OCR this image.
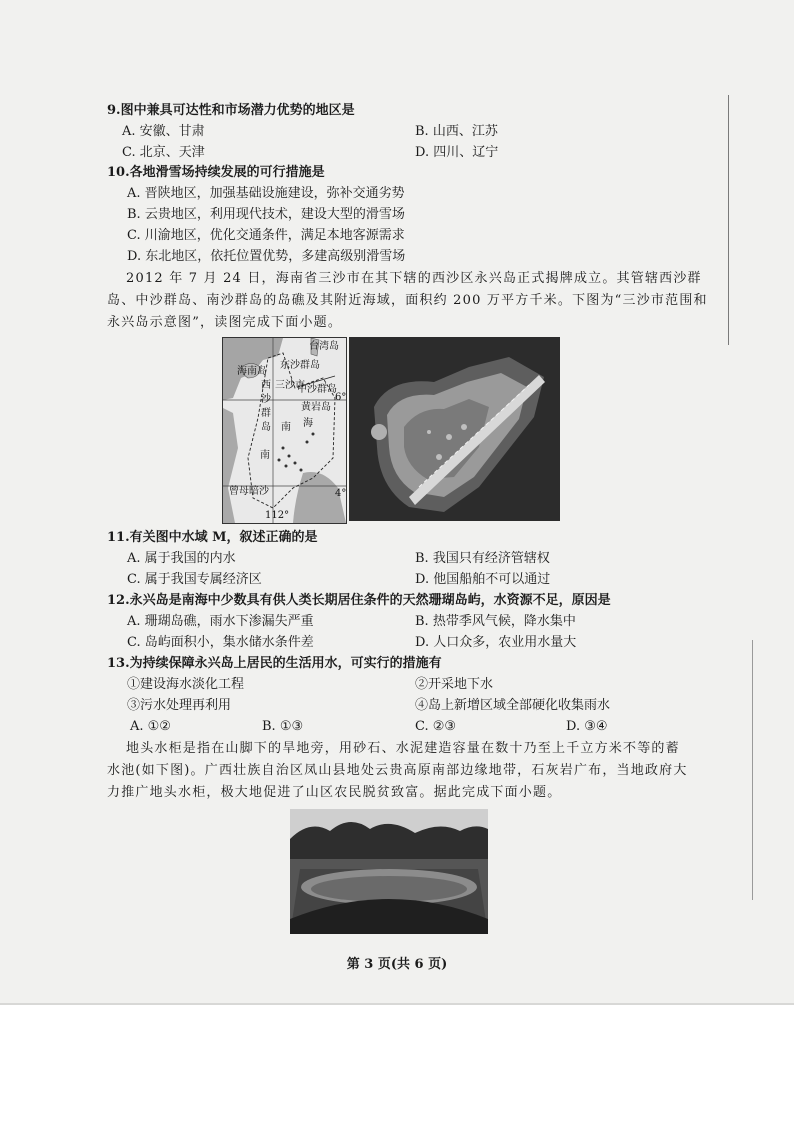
9.图中兼具可达性和市场潜力优势的地区是
A. 安徽、甘肃	B. 山西、江苏
C. 北京、天津	D. 四川、辽宁
10.各地滑雪场持续发展的可行措施是
A. 晋陕地区，加强基础设施建设，弥补交通劣势
B. 云贵地区，利用现代技术，建设大型的滑雪场
C. 川渝地区，优化交通条件，满足本地客源需求
D. 东北地区，依托位置优势，多建高级别滑雪场
2012 年 7 月 24 日，海南省三沙市在其下辖的西沙区永兴岛正式揭牌成立。其管辖西沙群
岛、中沙群岛、南沙群岛的岛礁及其附近海域，面积约 200 万平方千米。下图为“三沙市范围和
永兴岛示意图”，读图完成下面小题。
台湾岛
东沙群岛
海南岛
西 三沙市
中沙群岛
沙
群
岛
黄岩岛
南 海
南
曾母暗沙
6°
4°
112°
11.有关图中水域 M，叙述正确的是
A. 属于我国的内水	B. 我国只有经济管辖权
C. 属于我国专属经济区	D. 他国船舶不可以通过
12.永兴岛是南海中少数具有供人类长期居住条件的天然珊瑚岛屿，水资源不足，原因是
A. 珊瑚岛礁，雨水下渗漏失严重	B. 热带季风气候，降水集中
C. 岛屿面积小，集水储水条件差	D. 人口众多，农业用水量大
13.为持续保障永兴岛上居民的生活用水，可实行的措施有
①建设海水淡化工程	②开采地下水
③污水处理再利用	④岛上新增区域全部硬化收集雨水
A. ①②	B. ①③	C. ②③	D. ③④
地头水柜是指在山脚下的旱地旁，用砂石、水泥建造容量在数十乃至上千立方米不等的蓄
水池(如下图)。广西壮族自治区凤山县地处云贵高原南部边缘地带，石灰岩广布，当地政府大
力推广地头水柜，极大地促进了山区农民脱贫致富。据此完成下面小题。
第 3 页(共 6 页)
